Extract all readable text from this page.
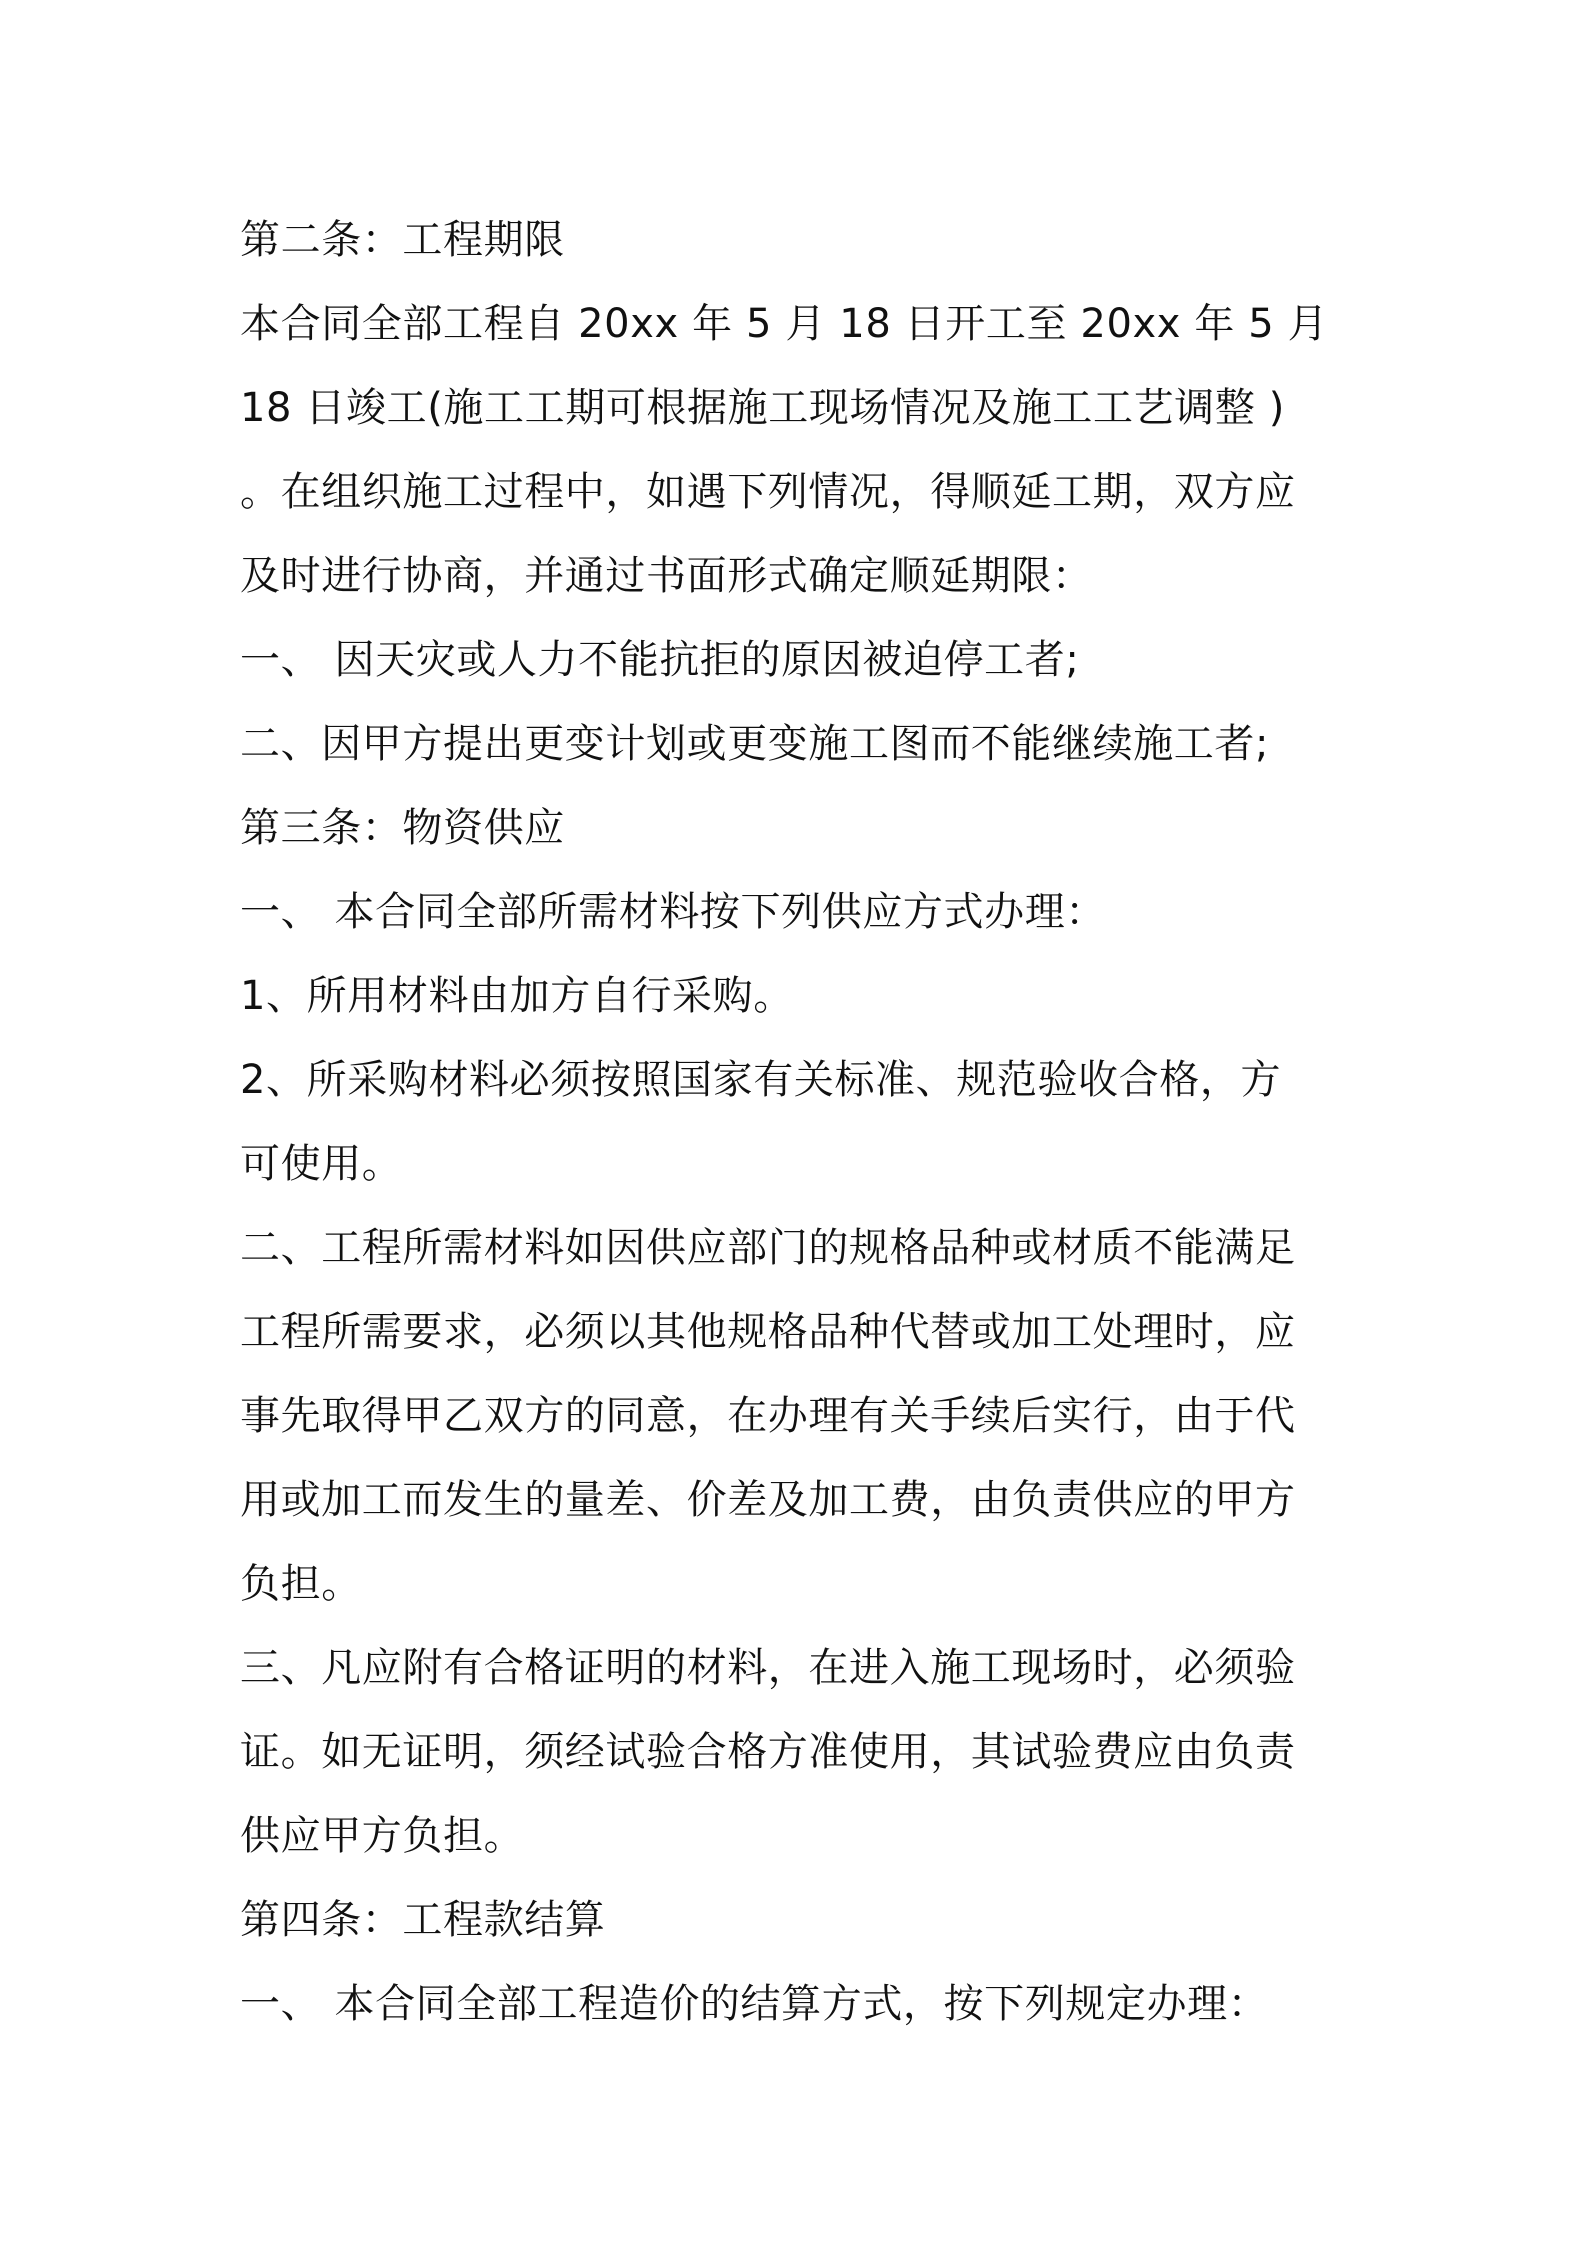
第二条：工程期限
本合同全部工程自 20xx 年 5 月 18 日开工至 20xx 年 5 月
18 日竣工(施工工期可根据施工现场情况及施工工艺调整 )
。在组织施工过程中，如遇下列情况，得顺延工期，双方应
及时进行协商，并通过书面形式确定顺延期限：
一、 因天灾或人力不能抗拒的原因被迫停工者;
二、因甲方提出更变计划或更变施工图而不能继续施工者;
第三条：物资供应
一、 本合同全部所需材料按下列供应方式办理：
1、所用材料由加方自行采购。
2、所采购材料必须按照国家有关标准、规范验收合格，方
可使用。
二、工程所需材料如因供应部门的规格品种或材质不能满足
工程所需要求，必须以其他规格品种代替或加工处理时，应
事先取得甲乙双方的同意，在办理有关手续后实行，由于代
用或加工而发生的量差、价差及加工费，由负责供应的甲方
负担。
三、凡应附有合格证明的材料，在进入施工现场时，必须验
证。如无证明，须经试验合格方准使用，其试验费应由负责
供应甲方负担。
第四条：工程款结算
一、 本合同全部工程造价的结算方式，按下列规定办理：
